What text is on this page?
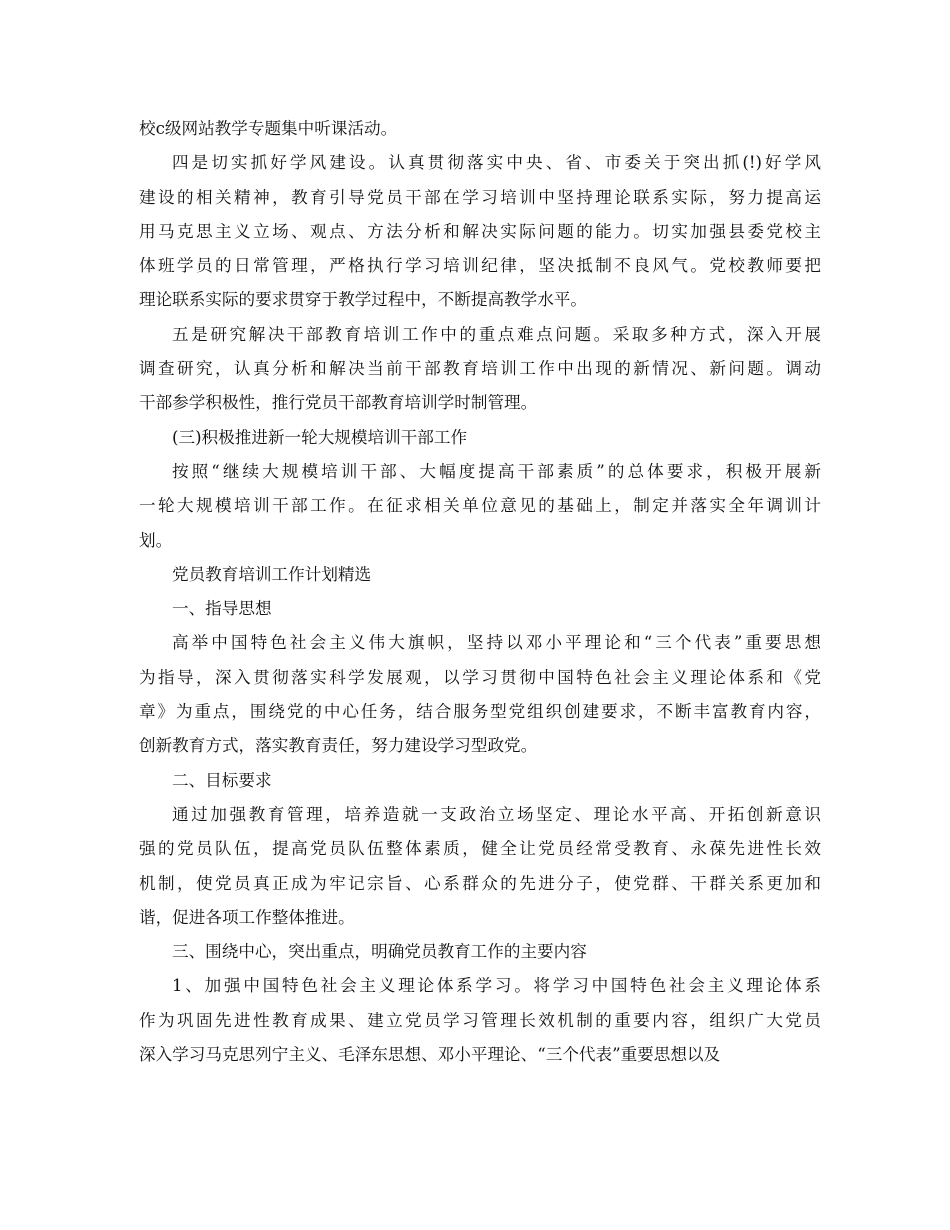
校c级网站教学专题集中听课活动。
四是切实抓好学风建设。认真贯彻落实中央、省、市委关于突出抓(!)好学风
建设的相关精神，教育引导党员干部在学习培训中坚持理论联系实际，努力提高运
用马克思主义立场、观点、方法分析和解决实际问题的能力。切实加强县委党校主
体班学员的日常管理，严格执行学习培训纪律，坚决抵制不良风气。党校教师要把
理论联系实际的要求贯穿于教学过程中，不断提高教学水平。
五是研究解决干部教育培训工作中的重点难点问题。采取多种方式，深入开展
调查研究，认真分析和解决当前干部教育培训工作中出现的新情况、新问题。调动
干部参学积极性，推行党员干部教育培训学时制管理。
(三)积极推进新一轮大规模培训干部工作
按照“继续大规模培训干部、大幅度提高干部素质”的总体要求，积极开展新
一轮大规模培训干部工作。在征求相关单位意见的基础上，制定并落实全年调训计
划。
党员教育培训工作计划精选
一、指导思想
高举中国特色社会主义伟大旗帜，坚持以邓小平理论和“三个代表”重要思想
为指导，深入贯彻落实科学发展观，以学习贯彻中国特色社会主义理论体系和《党
章》为重点，围绕党的中心任务，结合服务型党组织创建要求，不断丰富教育内容，
创新教育方式，落实教育责任，努力建设学习型政党。
二、目标要求
通过加强教育管理，培养造就一支政治立场坚定、理论水平高、开拓创新意识
强的党员队伍，提高党员队伍整体素质，健全让党员经常受教育、永葆先进性长效
机制，使党员真正成为牢记宗旨、心系群众的先进分子，使党群、干群关系更加和
谐，促进各项工作整体推进。
三、围绕中心，突出重点，明确党员教育工作的主要内容
1、加强中国特色社会主义理论体系学习。将学习中国特色社会主义理论体系
作为巩固先进性教育成果、建立党员学习管理长效机制的重要内容，组织广大党员
深入学习马克思列宁主义、毛泽东思想、邓小平理论、“三个代表”重要思想以及
